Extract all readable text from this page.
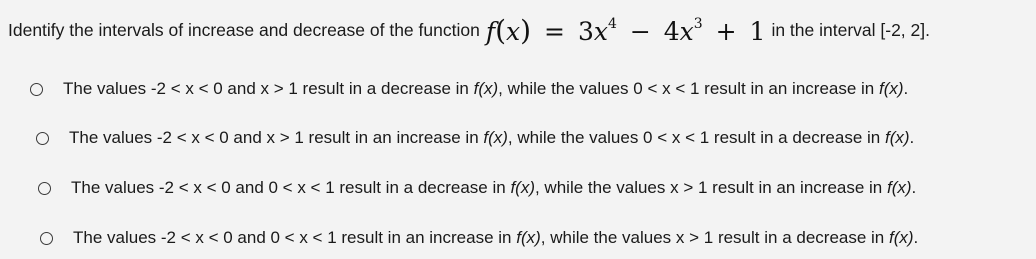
Identify the intervals of increase and decrease of the function $f(x) = 3x^4 - 4x^3 + 1$ in the interval [-2, 2].
The values -2 < x < 0 and x > 1 result in a decrease in f(x), while the values 0 < x < 1 result in an increase in f(x).
The values -2 < x < 0 and x > 1 result in an increase in f(x), while the values 0 < x < 1 result in a decrease in f(x).
The values -2 < x < 0 and 0 < x < 1 result in a decrease in f(x), while the values x > 1 result in an increase in f(x).
The values -2 < x < 0 and 0 < x < 1 result in an increase in f(x), while the values x > 1 result in a decrease in f(x).
